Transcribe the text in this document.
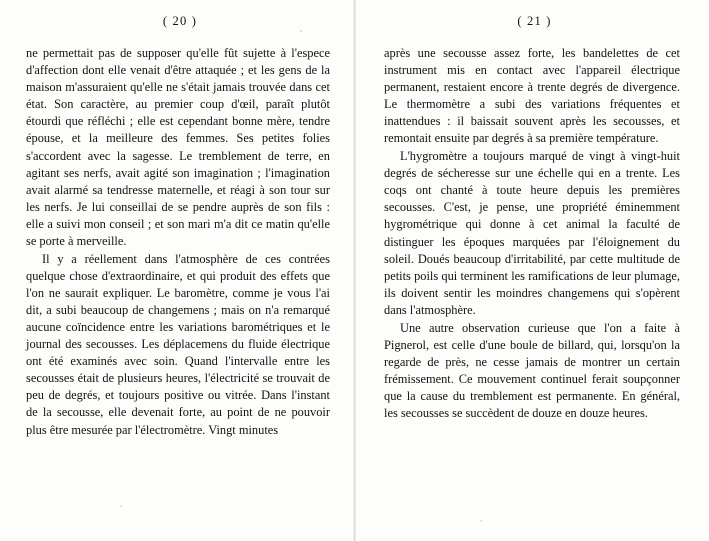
( 20 )

ne permettait pas de supposer qu'elle fût sujette à l'espece d'affection dont elle venait d'être attaquée ; et les gens de la maison m'assuraient qu'elle ne s'était jamais trouvée dans cet état. Son caractère, au premier coup d'œil, paraît plutôt étourdi que réfléchi ; elle est cependant bonne mère, tendre épouse, et la meilleure des femmes. Ses petites folies s'accordent avec la sagesse. Le tremblement de terre, en agitant ses nerfs, avait agité son imagination ; l'imagination avait alarmé sa tendresse maternelle, et réagi à son tour sur les nerfs. Je lui conseillai de se pendre auprès de son fils : elle a suivi mon conseil ; et son mari m'a dit ce matin qu'elle se porte à merveille.

Il y a réellement dans l'atmosphère de ces contrées quelque chose d'extraordinaire, et qui produit des effets que l'on ne saurait expliquer. Le baromètre, comme je vous l'ai dit, a subi beaucoup de changemens ; mais on n'a remarqué aucune coïncidence entre les variations barométriques et le journal des secousses. Les déplacemens du fluide électrique ont été examinés avec soin. Quand l'intervalle entre les secousses était de plusieurs heures, l'électricité se trouvait de peu de degrés, et toujours positive ou vitrée. Dans l'instant de la secousse, elle devenait forte, au point de ne pouvoir plus être mesurée par l'électromètre. Vingt minutes

( 21 )

après une secousse assez forte, les bandelettes de cet instrument mis en contact avec l'appareil électrique permanent, restaient encore à trente degrés de divergence. Le thermomètre a subi des variations fréquentes et inattendues : il baissait souvent après les secousses, et remontait ensuite par degrés à sa première température.

L'hygromètre a toujours marqué de vingt à vingt-huit degrés de sécheresse sur une échelle qui en a trente. Les coqs ont chanté à toute heure depuis les premières secousses. C'est, je pense, une propriété éminemment hygrométrique qui donne à cet animal la faculté de distinguer les époques marquées par l'éloignement du soleil. Doués beaucoup d'irritabilité, par cette multitude de petits poils qui terminent les ramifications de leur plumage, ils doivent sentir les moindres changemens qui s'opèrent dans l'atmosphère.

Une autre observation curieuse que l'on a faite à Pignerol, est celle d'une boule de billard, qui, lorsqu'on la regarde de près, ne cesse jamais de montrer un certain frémissement. Ce mouvement continuel ferait soupçonner que la cause du tremblement est permanente. En général, les secousses se succèdent de douze en douze heures.
